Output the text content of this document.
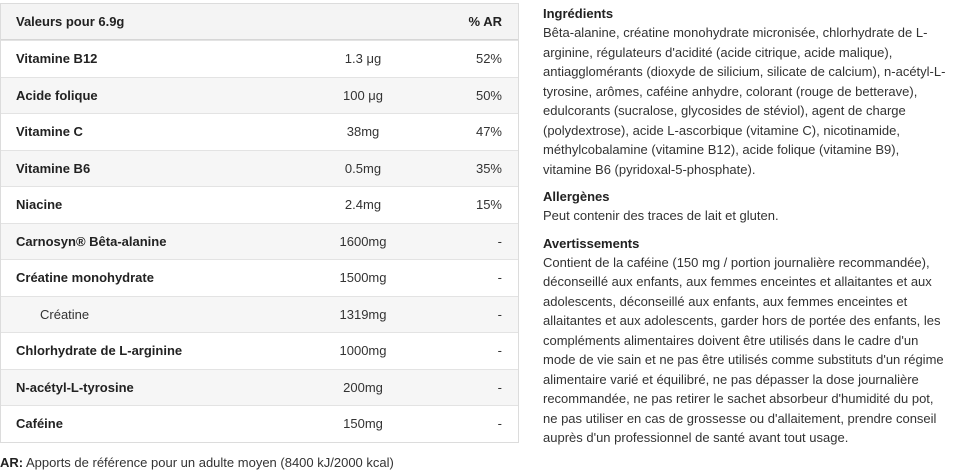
Valeurs pour 6.9g	% AR
Vitamine B12	1.3 μg	52%
Acide folique	100 μg	50%
Vitamine C	38mg	47%
Vitamine B6	0.5mg	35%
Niacine	2.4mg	15%
Carnosyn® Bêta-alanine	1600mg	-
Créatine monohydrate	1500mg	-
Créatine	1319mg	-
Chlorhydrate de L-arginine	1000mg	-
N-acétyl-L-tyrosine	200mg	-
Caféine	150mg	-
AR: Apports de référence pour un adulte moyen (8400 kJ/2000 kcal)
Ingrédients

Bêta-alanine, créatine monohydrate micronisée, chlorhydrate de L-arginine, régulateurs d'acidité (acide citrique, acide malique), antiagglomérants (dioxyde de silicium, silicate de calcium), n-acétyl-L-tyrosine, arômes, caféine anhydre, colorant (rouge de betterave), edulcorants (sucralose, glycosides de stéviol), agent de charge (polydextrose), acide L-ascorbique (vitamine C), nicotinamide, méthylcobalamine (vitamine B12), acide folique (vitamine B9), vitamine B6 (pyridoxal-5-phosphate).

Allergènes

Peut contenir des traces de lait et gluten.

Avertissements

Contient de la caféine (150 mg / portion journalière recommandée), déconseillé aux enfants, aux femmes enceintes et allaitantes et aux adolescents, déconseillé aux enfants, aux femmes enceintes et allaitantes et aux adolescents, garder hors de portée des enfants, les compléments alimentaires doivent être utilisés dans le cadre d'un mode de vie sain et ne pas être utilisés comme substituts d'un régime alimentaire varié et équilibré, ne pas dépasser la dose journalière recommandée, ne pas retirer le sachet absorbeur d'humidité du pot, ne pas utiliser en cas de grossesse ou d'allaitement, prendre conseil auprès d'un professionnel de santé avant tout usage.
